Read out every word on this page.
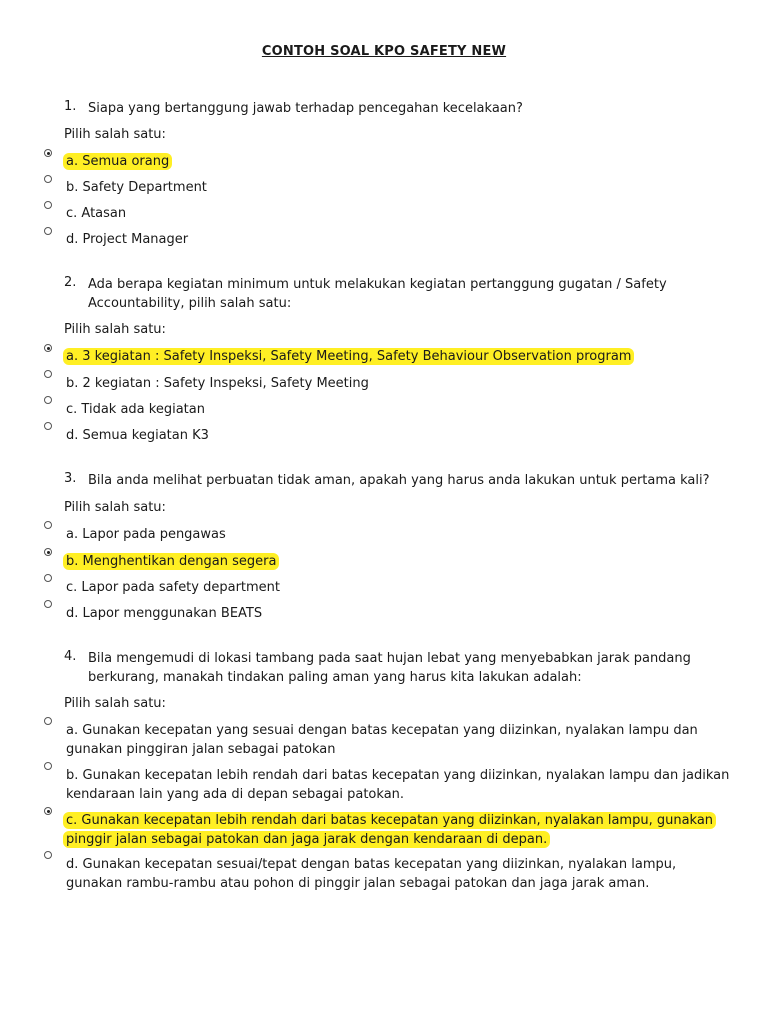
CONTOH SOAL KPO SAFETY NEW
1. Siapa yang bertanggung jawab terhadap pencegahan kecelakaan?
Pilih salah satu:
a. Semua orang
b. Safety Department
c. Atasan
d. Project Manager
2. Ada berapa kegiatan minimum untuk melakukan kegiatan pertanggung gugatan / Safety Accountability, pilih salah satu:
Pilih salah satu:
a. 3 kegiatan : Safety Inspeksi, Safety Meeting, Safety Behaviour Observation program
b. 2 kegiatan : Safety Inspeksi, Safety Meeting
c. Tidak ada kegiatan
d. Semua kegiatan K3
3. Bila anda melihat perbuatan tidak aman, apakah yang harus anda lakukan untuk pertama kali?
Pilih salah satu:
a. Lapor pada pengawas
b. Menghentikan dengan segera
c. Lapor pada safety department
d. Lapor menggunakan BEATS
4. Bila mengemudi di lokasi tambang pada saat hujan lebat yang menyebabkan jarak pandang berkurang, manakah tindakan paling aman yang harus kita lakukan adalah:
Pilih salah satu:
a. Gunakan kecepatan yang sesuai dengan batas kecepatan yang diizinkan, nyalakan lampu dan gunakan pinggiran jalan sebagai patokan
b. Gunakan kecepatan lebih rendah dari batas kecepatan yang diizinkan, nyalakan lampu dan jadikan kendaraan lain yang ada di depan sebagai patokan.
c. Gunakan kecepatan lebih rendah dari batas kecepatan yang diizinkan, nyalakan lampu, gunakan pinggir jalan sebagai patokan dan jaga jarak dengan kendaraan di depan.
d. Gunakan kecepatan sesuai/tepat dengan batas kecepatan yang diizinkan, nyalakan lampu, gunakan rambu-rambu atau pohon di pinggir jalan sebagai patokan dan jaga jarak aman.
